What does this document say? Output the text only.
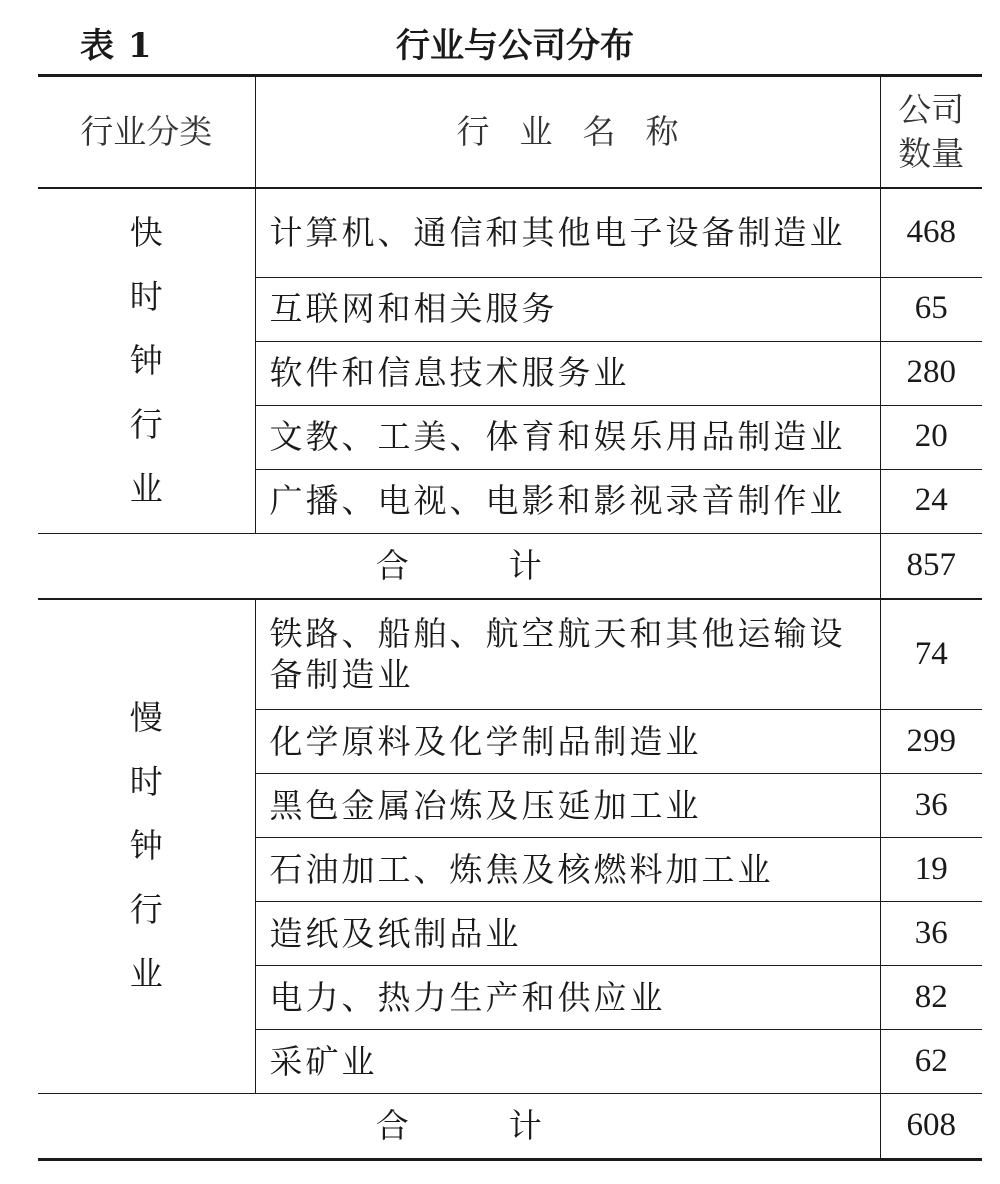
表 1	行业与公司分布
行业分类	行业名称	公司数量
快时钟行业	计算机、通信和其他电子设备制造业	468
	互联网和相关服务	65
	软件和信息技术服务业	280
	文教、工美、体育和娱乐用品制造业	20
	广播、电视、电影和影视录音制作业	24
合计		857
慢时钟行业	铁路、船舶、航空航天和其他运输设备制造业	74
	化学原料及化学制品制造业	299
	黑色金属冶炼及压延加工业	36
	石油加工、炼焦及核燃料加工业	19
	造纸及纸制品业	36
	电力、热力生产和供应业	82
	采矿业	62
合计		608
